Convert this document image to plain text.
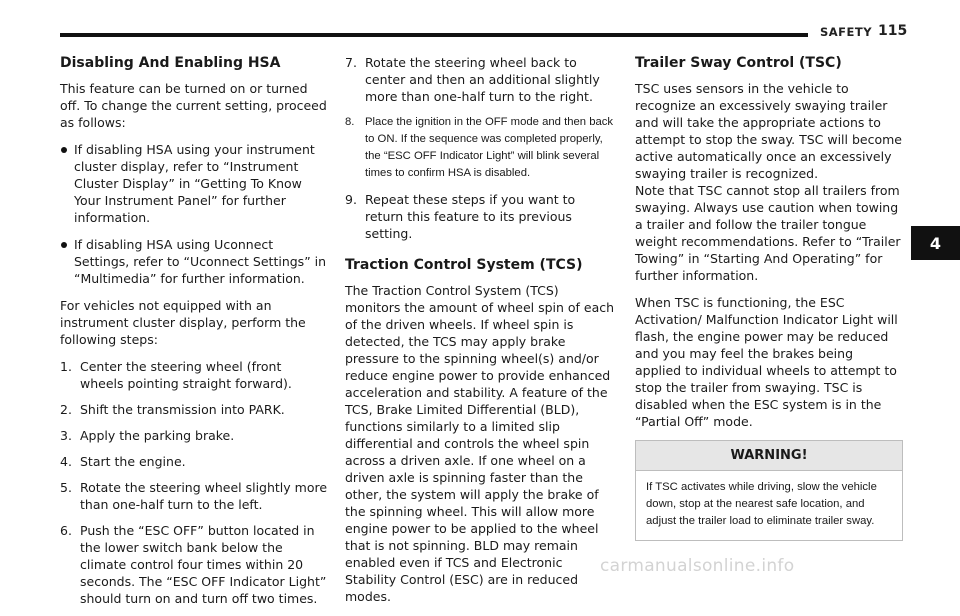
SAFETY 115
4
Disabling And Enabling HSA

This feature can be turned on or turned off. To change the current setting, proceed as follows:

If disabling HSA using your instrument cluster display, refer to “Instrument Cluster Display” in “Getting To Know Your Instrument Panel” for further information.
If disabling HSA using Uconnect Settings, refer to “Uconnect Settings” in “Multimedia” for further information.

For vehicles not equipped with an instrument cluster display, perform the following steps:

1. Center the steering wheel (front wheels pointing straight forward).
2. Shift the transmission into PARK.
3. Apply the parking brake.
4. Start the engine.
5. Rotate the steering wheel slightly more than one-half turn to the left.
6. Push the “ESC OFF” button located in the lower switch bank below the climate control four times within 20 seconds. The “ESC OFF Indicator Light” should turn on and turn off two times.
7. Rotate the steering wheel back to center and then an additional slightly more than one-half turn to the right.
8. Place the ignition in the OFF mode and then back to ON. If the sequence was completed properly, the “ESC OFF Indicator Light” will blink several times to confirm HSA is disabled.
9. Repeat these steps if you want to return this feature to its previous setting.
Traction Control System (TCS)

The Traction Control System (TCS) monitors the amount of wheel spin of each of the driven wheels. If wheel spin is detected, the TCS may apply brake pressure to the spinning wheel(s) and/or reduce engine power to provide enhanced acceleration and stability. A feature of the TCS, Brake Limited Differential (BLD), functions similarly to a limited slip differential and controls the wheel spin across a driven axle. If one wheel on a driven axle is spinning faster than the other, the system will apply the brake of the spinning wheel. This will allow more engine power to be applied to the wheel that is not spinning. BLD may remain enabled even if TCS and Electronic Stability Control (ESC) are in reduced modes.

Trailer Sway Control (TSC)

TSC uses sensors in the vehicle to recognize an excessively swaying trailer and will take the appropriate actions to attempt to stop the sway. TSC will become active automatically once an excessively swaying trailer is recognized.

Note that TSC cannot stop all trailers from swaying. Always use caution when towing a trailer and follow the trailer tongue weight recommendations. Refer to “Trailer Towing” in “Starting And Operating” for further information.

When TSC is functioning, the ESC Activation/ Malfunction Indicator Light will flash, the engine power may be reduced and you may feel the brakes being applied to individual wheels to attempt to stop the trailer from swaying. TSC is disabled when the ESC system is in the “Partial Off” mode.

WARNING!
If TSC activates while driving, slow the vehicle down, stop at the nearest safe location, and adjust the trailer load to eliminate trailer sway.
carmanualsonline.info
